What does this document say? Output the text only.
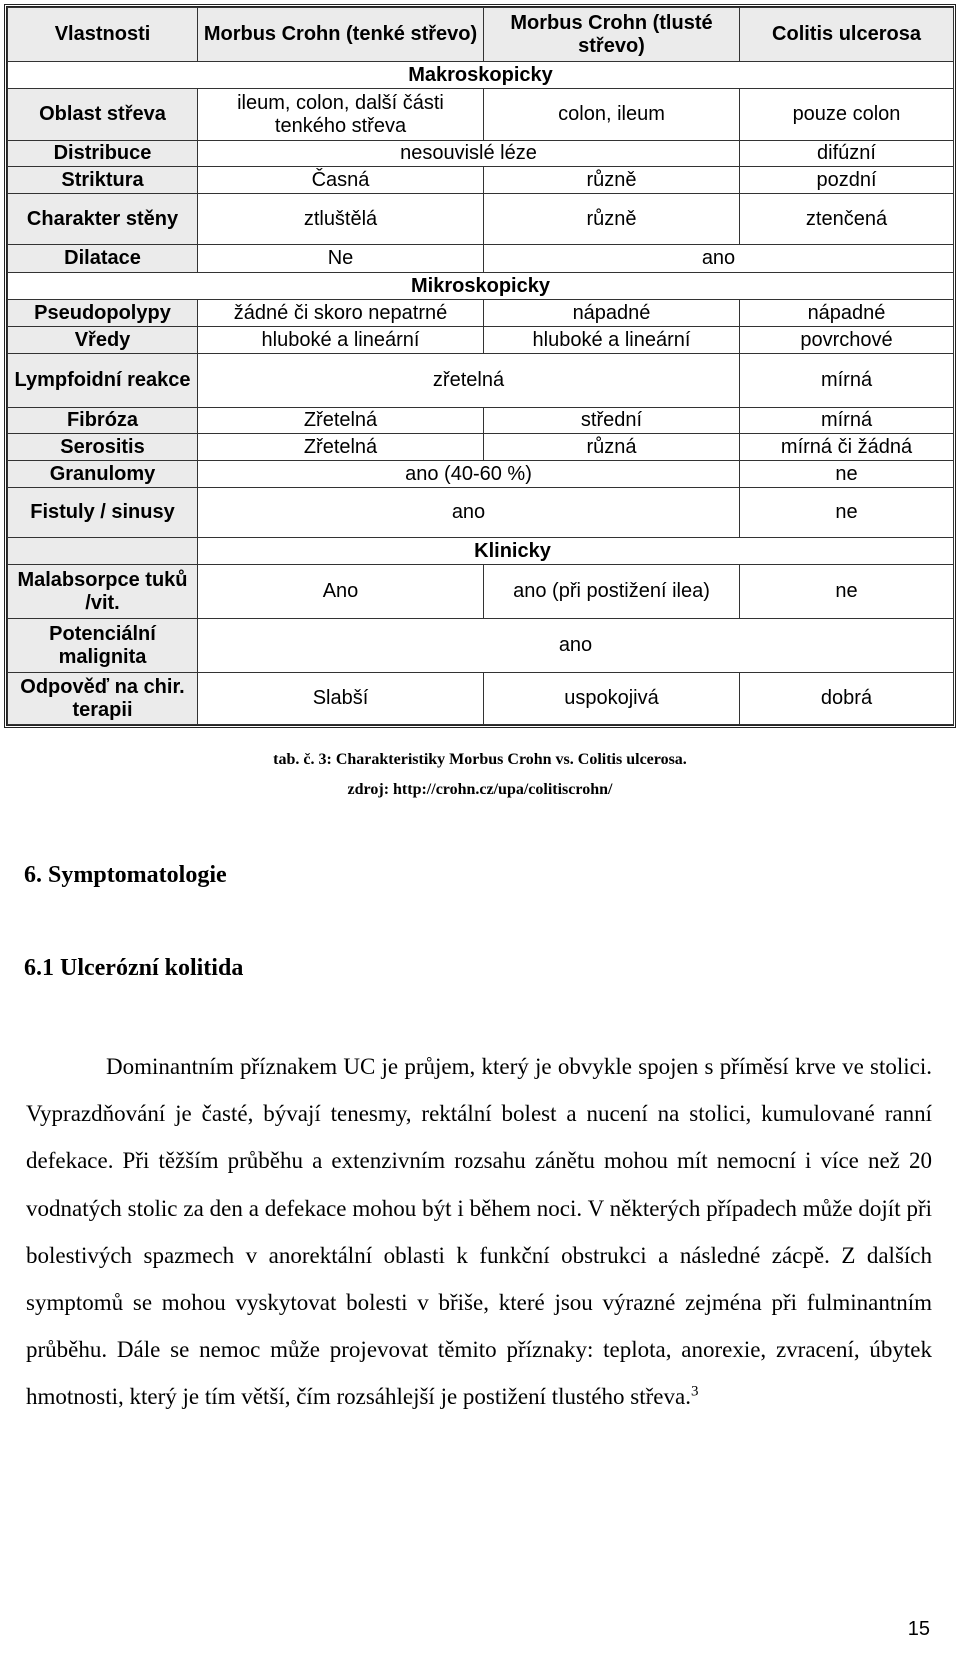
Vlastnosti	Morbus Crohn (tenké střevo)	Morbus Crohn (tlusté střevo)	Colitis ulcerosa
Makroskopicky			
Oblast střeva	ileum, colon, další části tenkého střeva	colon, ileum	pouze colon
Distribuce	nesouvislé léze		difúzní
Striktura	Časná	různě	pozdní
Charakter stěny	ztluštělá	různě	ztenčená
Dilatace	Ne	ano	
Mikroskopicky			
Pseudopolypy	žádné či skoro nepatrné	nápadné	nápadné
Vředy	hluboké a lineární	hluboké a lineární	povrchové
Lympfoidní reakce	zřetelná		mírná
Fibróza	Zřetelná	střední	mírná
Serositis	Zřetelná	různá	mírná či žádná
Granulomy	ano (40-60 %)		ne
Fistuly / sinusy	ano		ne
	Klinicky		
Malabsorpce tuků /vit.	Ano	ano (při postižení ilea)	ne
Potenciální malignita	ano		
Odpověď na chir. terapii	Slabší	uspokojivá	dobrá
tab. č. 3: Charakteristiky Morbus Crohn vs. Colitis ulcerosa.
zdroj: http://crohn.cz/upa/colitiscrohn/
6. Symptomatologie
6.1 Ulcerózní kolitida

Dominantním příznakem UC je průjem, který je obvykle spojen s příměsí krve ve stolici. Vyprazdňování je časté, bývají tenesmy, rektální bolest a nucení na stolici, kumulované ranní defekace. Při těžším průběhu a extenzivním rozsahu zánětu mohou mít nemocní i více než 20 vodnatých stolic za den a defekace mohou být i během noci. V některých případech může dojít při bolestivých spazmech v anorektální oblasti k funkční obstrukci a následné zácpě. Z dalších symptomů se mohou vyskytovat bolesti v břiše, které jsou výrazné zejména při fulminantním průběhu. Dále se nemoc může projevovat těmito příznaky: teplota, anorexie, zvracení, úbytek hmotnosti, který je tím větší, čím rozsáhlejší je postižení tlustého střeva.$^3$

15
